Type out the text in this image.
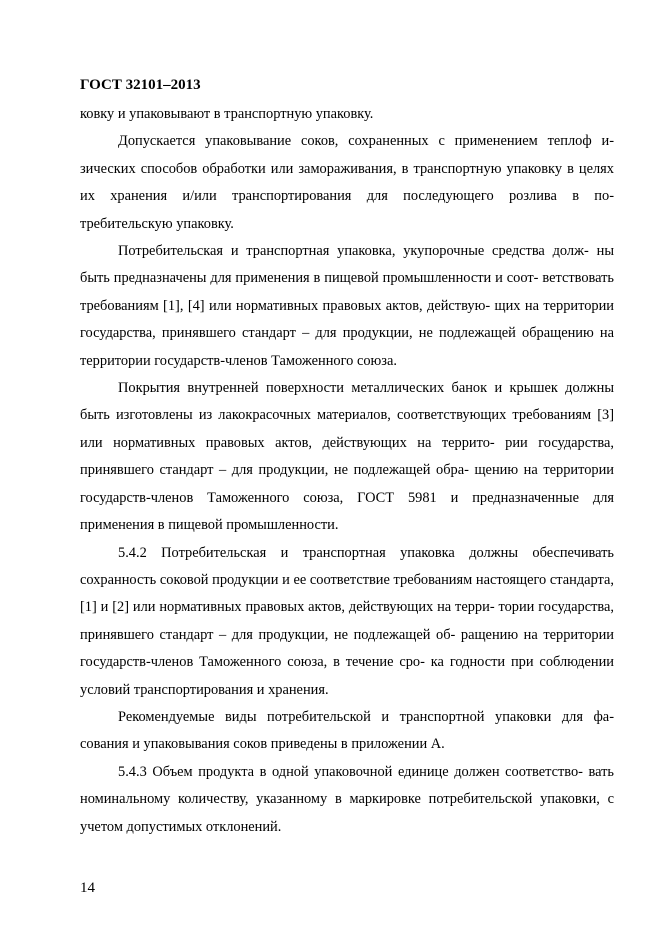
ГОСТ 32101–2013

ковку и упаковывают в транспортную упаковку.

Допускается упаковывание соков, сохраненных с применением теплоф и- зических способов обработки или замораживания, в транспортную упаковку в целях их хранения и/или транспортирования для последующего розлива в по- требительскую упаковку.

Потребительская и транспортная упаковка, укупорочные средства долж- ны быть предназначены для применения в пищевой промышленности и соот- ветствовать требованиям [1], [4] или нормативных правовых актов, действую- щих на территории государства, принявшего стандарт – для продукции, не подлежащей обращению на территории государств-членов Таможенного союза.

Покрытия внутренней поверхности металлических банок и крышек должны быть изготовлены из лакокрасочных материалов, соответствующих требованиям [3] или нормативных правовых актов, действующих на террито- рии государства, принявшего стандарт – для продукции, не подлежащей обра- щению на территории государств-членов Таможенного союза, ГОСТ 5981 и предназначенные для применения в пищевой промышленности.

5.4.2 Потребительская и транспортная упаковка должны обеспечивать сохранность соковой продукции и ее соответствие требованиям настоящего стандарта, [1] и [2] или нормативных правовых актов, действующих на терри- тории государства, принявшего стандарт – для продукции, не подлежащей об- ращению на территории государств-членов Таможенного союза, в течение сро- ка годности при соблюдении условий транспортирования и хранения.

Рекомендуемые виды потребительской и транспортной упаковки для фа- сования и упаковывания соков приведены в приложении А.

5.4.3 Объем продукта в одной упаковочной единице должен соответство- вать номинальному количеству, указанному в маркировке потребительской упаковки, с учетом допустимых отклонений.

14
